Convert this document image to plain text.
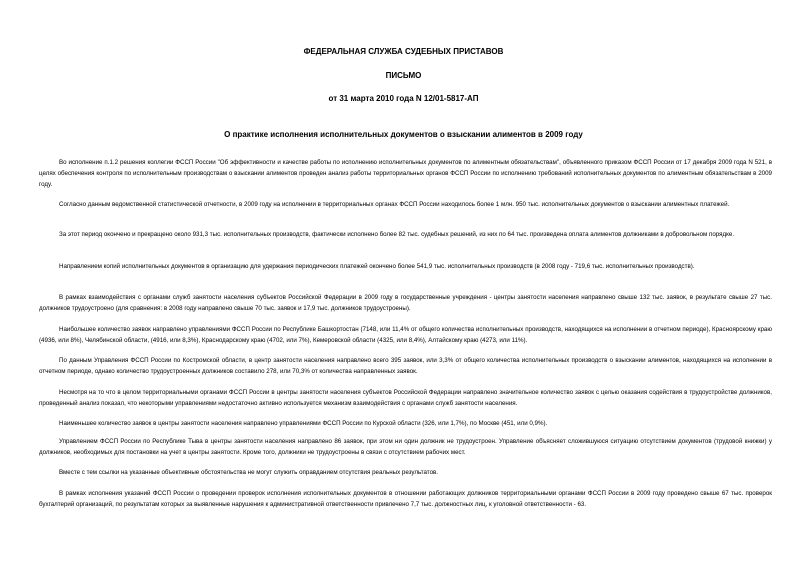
ФЕДЕРАЛЬНАЯ СЛУЖБА СУДЕБНЫХ ПРИСТАВОВ
ПИСЬМО
от 31 марта 2010 года N 12/01-5817-АП
О практике исполнения исполнительных документов о взыскании алиментов в 2009 году

Во исполнение п.1.2 решения коллегии ФССП России "Об эффективности и качестве работы по исполнению исполнительных документов по алиментным обязательствам", объявленного приказом ФССП России от 17 декабря 2009 года N 521, в целях обеспечения контроля по исполнительным производствам о взыскании алиментов проведен анализ работы территориальных органов ФССП России по исполнению требований исполнительных документов по алиментным обязательствам в 2009 году.

Согласно данным ведомственной статистической отчетности, в 2009 году на исполнении в территориальных органах ФССП России находилось более 1 млн. 950 тыс. исполнительных документов о взыскании алиментных платежей.

За этот период окончено и прекращено около 931,3 тыс. исполнительных производств, фактически исполнено более 82 тыс. судебных решений, из них по 64 тыс. произведена оплата алиментов должниками в добровольном порядке.

Направлением копий исполнительных документов в организацию для удержания периодических платежей окончено более 541,9 тыс. исполнительных производств (в 2008 году - 719,6 тыс. исполнительных производств).

В рамках взаимодействия с органами служб занятости населения субъектов Российской Федерации в 2009 году в государственные учреждения - центры занятости населения направлено свыше 132 тыс. заявок, в результате свыше 27 тыс. должников трудоустроено (для сравнения: в 2008 году направлено свыше 70 тыс. заявок и 17,9 тыс. должников трудоустроены).

Наибольшее количество заявок направлено управлениями ФССП России по Республике Башкортостан (7148, или 11,4% от общего количества исполнительных производств, находящихся на исполнении в отчетном периоде), Красноярскому краю (4936, или 8%), Челябинской области, (4916, или 8,3%), Краснодарскому краю (4702, или 7%), Кемеровской области (4325, или 8,4%), Алтайскому краю (4273, или 11%).

По данным Управления ФССП России по Костромской области, в центр занятости населения направлено всего 395 заявок, или 3,3% от общего количества исполнительных производств о взыскании алиментов, находящихся на исполнении в отчетном периоде, однако количество трудоустроенных должников составило 278, или 70,3% от количества направленных заявок.

Несмотря на то что в целом территориальными органами ФССП России в центры занятости населения субъектов Российской Федерации направлено значительное количество заявок с целью оказания содействия в трудоустройстве должников, проведенный анализ показал, что некоторыми управлениями недостаточно активно используется механизм взаимодействия с органами служб занятости населения.

Наименьшее количество заявок в центры занятости населения направлено управлениями ФССП России по Курской области (326, или 1,7%), по Москве (451, или 0,9%).

Управлением ФССП России по Республике Тыва в центры занятости населения направлено 86 заявок, при этом ни один должник не трудоустроен. Управление объясняет сложившуюся ситуацию отсутствием документов (трудовой книжки) у должников, необходимых для постановки на учет в центры занятости. Кроме того, должники не трудоустроены в связи с отсутствием рабочих мест.

Вместе с тем ссылки на указанные объективные обстоятельства не могут служить оправданием отсутствия реальных результатов.

В рамках исполнения указаний ФССП России о проведении проверок исполнения исполнительных документов в отношении работающих должников территориальными органами ФССП России в 2009 году проведено свыше 67 тыс. проверок бухгалтерий организаций, по результатам которых за выявленные нарушения к административной ответственности привлечено 7,7 тыс. должностных лиц, к уголовной ответственности - 63.
